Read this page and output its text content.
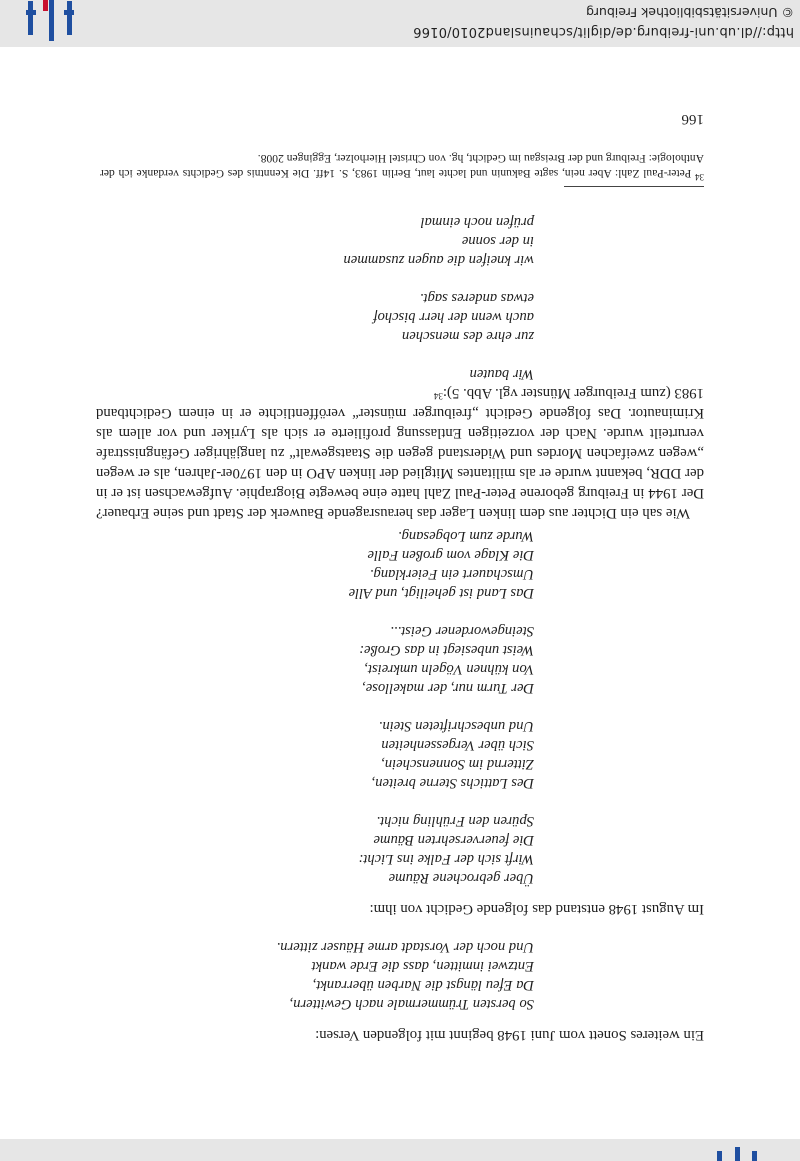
Ein weiteres Sonett vom Juni 1948 beginnt mit folgenden Versen:

So bersten Trümmermale nach Gewittern,
Da Efeu längst die Narben überrankt,
Entzwei inmitten, dass die Erde wankt
Und noch der Vorstadt arme Häuser zittern.

Im August 1948 entstand das folgende Gedicht von ihm:

Über gebrochene Räume
Wirft sich der Falke ins Licht:
Die feuerversehrten Bäume
Spüren den Frühling nicht.
Des Lattichs Sterne breiten,
Zitternd im Sonnenschein,
Sich über Vergessenheiten
Und unbeschrifteten Stein.
Der Turm nur, der makellose,
Von kühnen Vögeln umkreist,
Weist unbesiegt in das Große:
Steingewordener Geist...
Das Land ist geheiligt, und Alle
Umschauert ein Feierklang.
Die Klage vom großen Falle
Wurde zum Lobgesang.

Wie sah ein Dichter aus dem linken Lager das herausragende Bauwerk der Stadt und seine Erbauer? Der 1944 in Freiburg geborene Peter-Paul Zahl hatte eine bewegte Biographie. Aufgewachsen ist er in der DDR, bekannt wurde er als militantes Mitglied der linken APO in den 1970er-Jahren, als er wegen „wegen zweifachen Mordes und Widerstand gegen die Staatsgewalt“ zu langjähriger Gefängnisstrafe verurteilt wurde. Nach der vorzeitigen Entlassung profilierte er sich als Lyriker und vor allem als Kriminautor. Das folgende Gedicht „freiburger münster“ veröffentlichte er in einem Gedichtband 1983 (zum Freiburger Münster vgl. Abb. 5):$^{34}$

Wir bauten
zur ehre des menschen
auch wenn der herr bischof
etwas anderes sagt.
wir kneifen die augen zusammen
in der sonne
prüfen noch einmal

$^{34}$ Peter-Paul Zahl: Aber nein, sagte Bakunin und lachte laut, Berlin 1983, S. 14ff. Die Kenntnis des Gedichts verdanke ich der Anthologie: Freiburg und der Breisgau im Gedicht, hg. von Christel Hierholzer, Eggingen 2008.

166
http://dl.ub.uni-freiburg.de/diglit/schauinsland2010/0166
© Universitätsbibliothek Freiburg
